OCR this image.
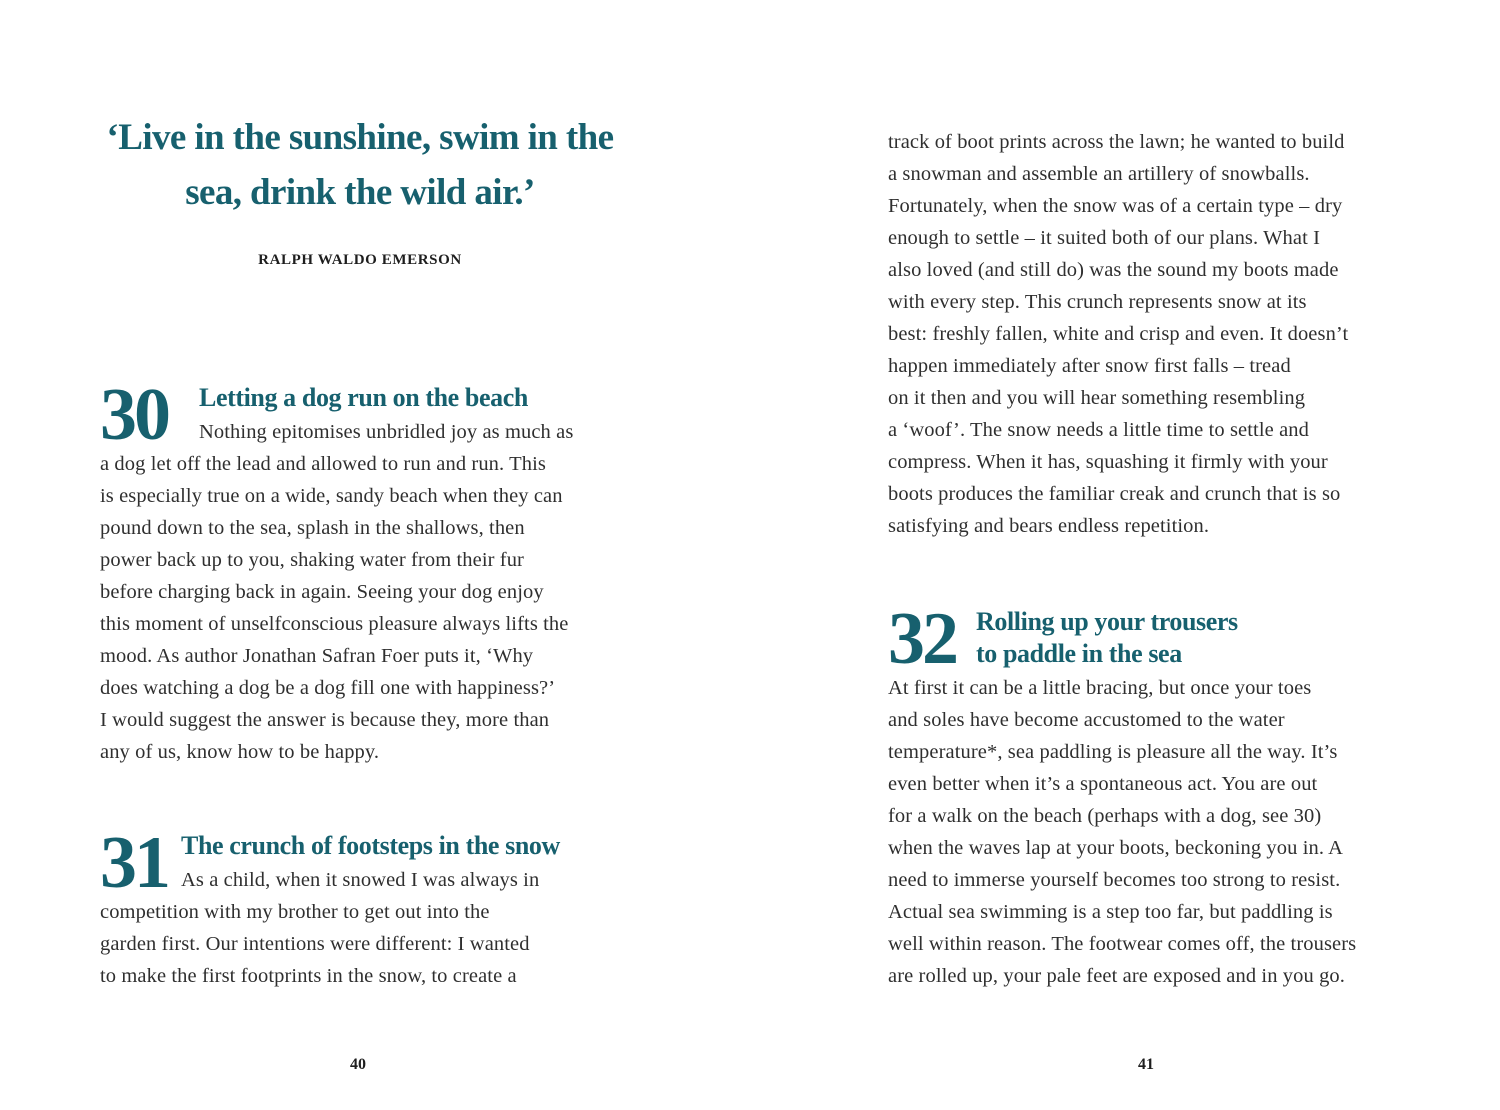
‘Live in the sunshine, swim in the
sea, drink the wild air.’
RALPH WALDO EMERSON
30 Letting a dog run on the beach
Nothing epitomises unbridled joy as much as
a dog let off the lead and allowed to run and run. This
is especially true on a wide, sandy beach when they can
pound down to the sea, splash in the shallows, then
power back up to you, shaking water from their fur
before charging back in again. Seeing your dog enjoy
this moment of unselfconscious pleasure always lifts the
mood. As author Jonathan Safran Foer puts it, ‘Why
does watching a dog be a dog fill one with happiness?’
I would suggest the answer is because they, more than
any of us, know how to be happy.
31 The crunch of footsteps in the snow
As a child, when it snowed I was always in
competition with my brother to get out into the
garden first. Our intentions were different: I wanted
to make the first footprints in the snow, to create a
40
track of boot prints across the lawn; he wanted to build
a snowman and assemble an artillery of snowballs.
Fortunately, when the snow was of a certain type – dry
enough to settle – it suited both of our plans. What I
also loved (and still do) was the sound my boots made
with every step. This crunch represents snow at its
best: freshly fallen, white and crisp and even. It doesn’t
happen immediately after snow first falls – tread
on it then and you will hear something resembling
a ‘woof’. The snow needs a little time to settle and
compress. When it has, squashing it firmly with your
boots produces the familiar creak and crunch that is so
satisfying and bears endless repetition.
32 Rolling up your trousers
to paddle in the sea
At first it can be a little bracing, but once your toes
and soles have become accustomed to the water
temperature*, sea paddling is pleasure all the way. It’s
even better when it’s a spontaneous act. You are out
for a walk on the beach (perhaps with a dog, see 30)
when the waves lap at your boots, beckoning you in. A
need to immerse yourself becomes too strong to resist.
Actual sea swimming is a step too far, but paddling is
well within reason. The footwear comes off, the trousers
are rolled up, your pale feet are exposed and in you go.
41
